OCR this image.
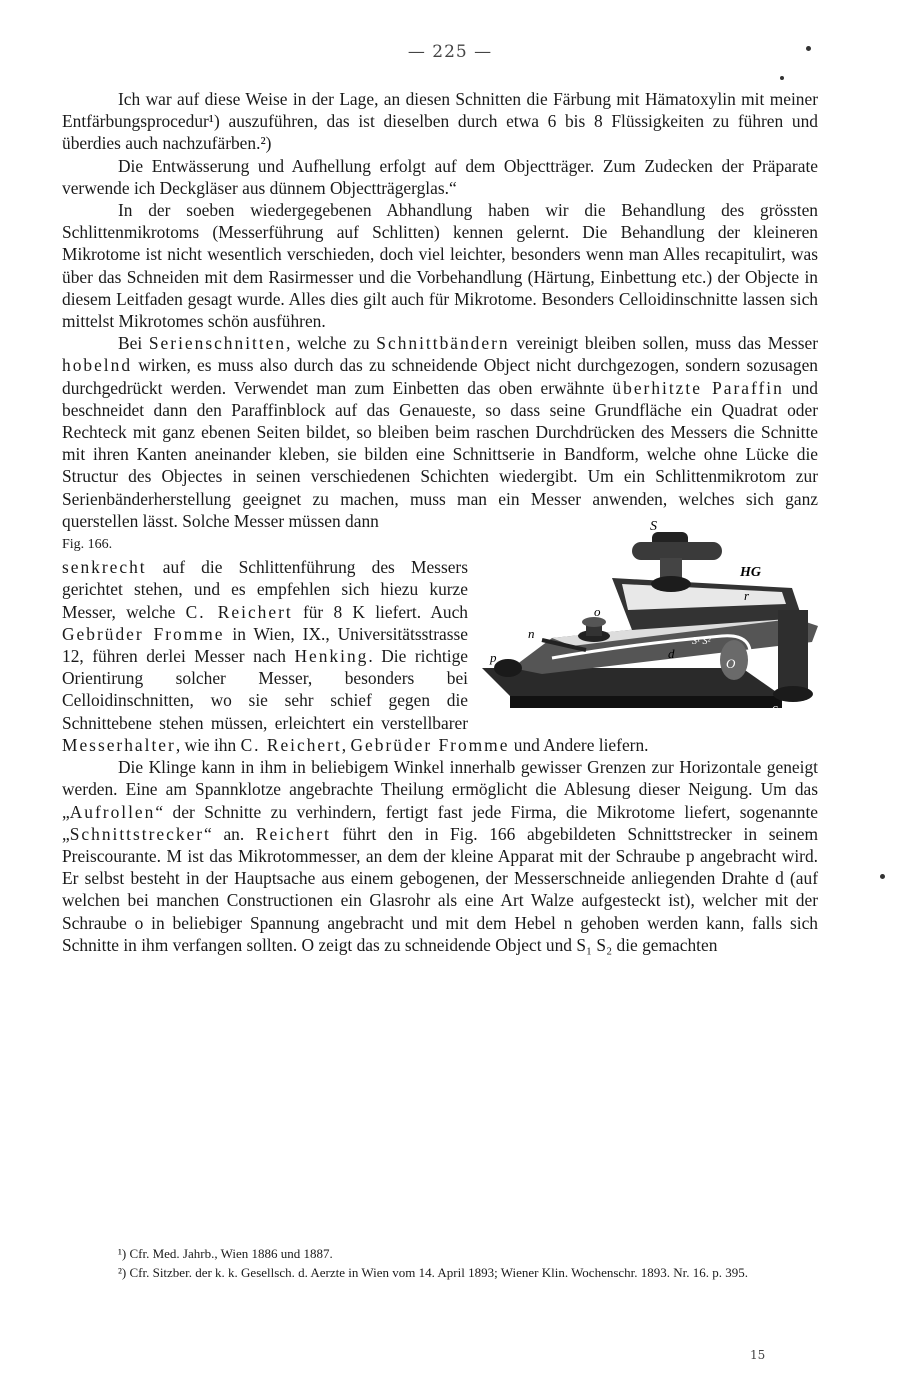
— 225 —

Ich war auf diese Weise in der Lage, an diesen Schnitten die Färbung mit Hämatoxylin mit meiner Entfärbungsprocedur¹) auszuführen, das ist dieselben durch etwa 6 bis 8 Flüssigkeiten zu führen und überdies auch nachzufärben.²)

Die Entwässerung und Aufhellung erfolgt auf dem Objectträger. Zum Zudecken der Präparate verwende ich Deckgläser aus dünnem Objectträgerglas.“

In der soeben wiedergegebenen Abhandlung haben wir die Behandlung des grössten Schlittenmikrotoms (Messerführung auf Schlitten) kennen gelernt. Die Behandlung der kleineren Mikrotome ist nicht wesentlich verschieden, doch viel leichter, besonders wenn man Alles recapitulirt, was über das Schneiden mit dem Rasirmesser und die Vorbehandlung (Härtung, Einbettung etc.) der Objecte in diesem Leitfaden gesagt wurde. Alles dies gilt auch für Mikrotome. Besonders Celloidinschnitte lassen sich mittelst Mikrotomes schön ausführen.

Bei Serienschnitten, welche zu Schnittbändern vereinigt bleiben sollen, muss das Messer hobelnd wirken, es muss also durch das zu schneidende Object nicht durchgezogen, sondern sozusagen durchgedrückt werden. Verwendet man zum Einbetten das oben erwähnte überhitzte Paraffin und beschneidet dann den Paraffinblock auf das Genaueste, so dass seine Grundfläche ein Quadrat oder Rechteck mit ganz ebenen Seiten bildet, so bleiben beim raschen Durchdrücken des Messers die Schnitte mit ihren Kanten aneinander kleben, sie bilden eine Schnittserie in Bandform, welche ohne Lücke die Structur des Objectes in seinen verschiedenen Schichten wiedergibt. Um ein Schlittenmikrotom zur Serienbänderherstellung geeignet zu machen, muss man ein Messer anwenden, welches sich ganz querstellen lässt. Solche Messer müssen dann	S
HG
r
o
n
p	d
S¹ S²
O
c

Fig. 166.
senkrecht auf die Schlittenführung des Messers gerichtet stehen, und es empfehlen sich hiezu kurze Messer, welche C. Reichert für 8 K liefert. Auch Gebrüder Fromme in Wien, IX., Universitätsstrasse 12, führen derlei Messer nach Henking. Die richtige Orientirung solcher Messer, besonders bei Celloidinschnitten, wo sie sehr schief gegen die Schnittebene stehen müssen, erleichtert ein verstellbarer Messerhalter, wie ihn C. Reichert, Gebrüder Fromme und Andere liefern.

Die Klinge kann in ihm in beliebigem Winkel innerhalb gewisser Grenzen zur Horizontale geneigt werden. Eine am Spannklotze angebrachte Theilung ermöglicht die Ablesung dieser Neigung. Um das „Aufrollen“ der Schnitte zu verhindern, fertigt fast jede Firma, die Mikrotome liefert, sogenannte „Schnittstrecker“ an. Reichert führt den in Fig. 166 abgebildeten Schnittstrecker in seinem Preiscourante. M ist das Mikrotommesser, an dem der kleine Apparat mit der Schraube p angebracht wird. Er selbst besteht in der Hauptsache aus einem gebogenen, der Messerschneide anliegenden Drahte d (auf welchen bei manchen Constructionen ein Glasrohr als eine Art Walze aufgesteckt ist), welcher mit der Schraube o in beliebiger Spannung angebracht und mit dem Hebel n gehoben werden kann, falls sich Schnitte in ihm verfangen sollten. O zeigt das zu schneidende Object und S₁ S₂ die gemachten

¹) Cfr. Med. Jahrb., Wien 1886 und 1887.

²) Cfr. Sitzber. der k. k. Gesellsch. d. Aerzte in Wien vom 14. April 1893; Wiener Klin. Wochenschr. 1893. Nr. 16. p. 395.

15
